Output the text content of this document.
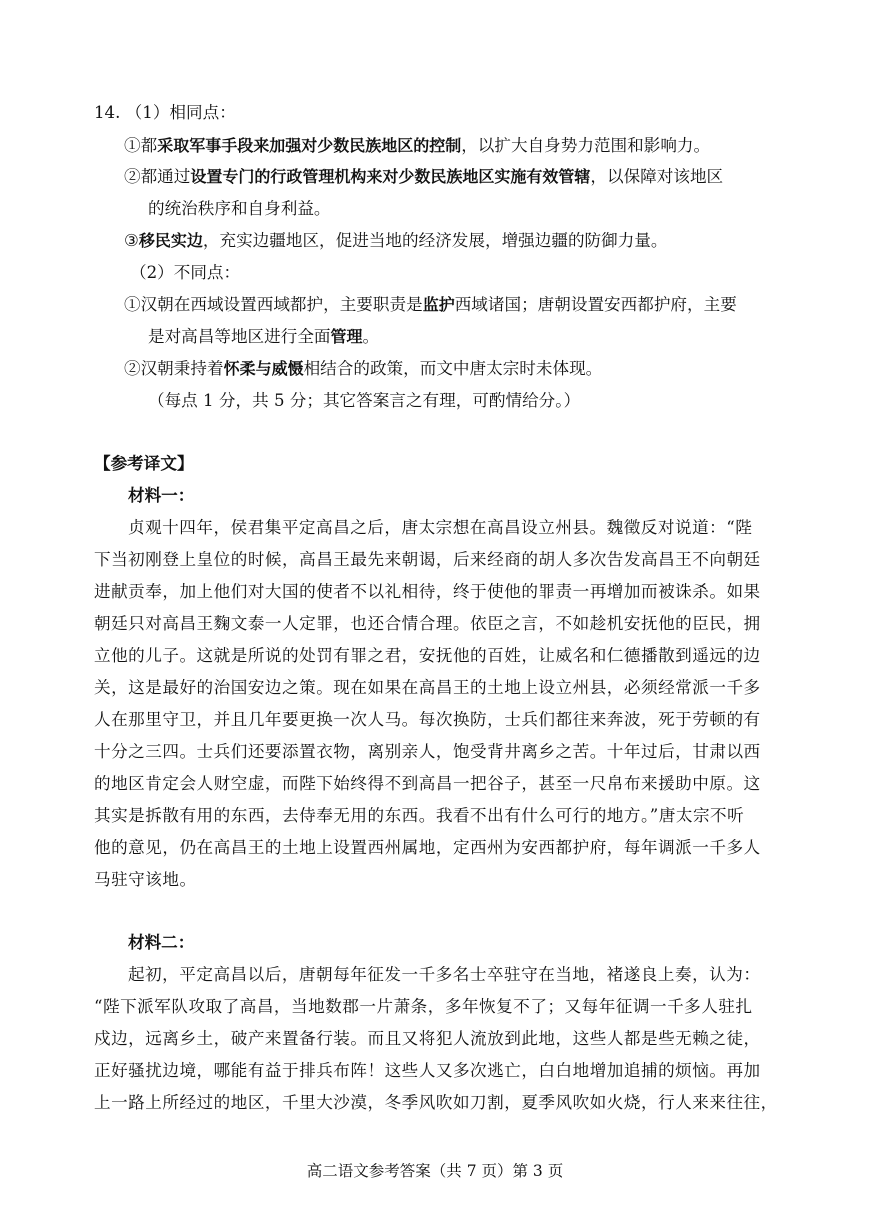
14. （1）相同点：
①都采取军事手段来加强对少数民族地区的控制，以扩大自身势力范围和影响力。
②都通过设置专门的行政管理机构来对少数民族地区实施有效管辖，以保障对该地区
的统治秩序和自身利益。
③移民实边，充实边疆地区，促进当地的经济发展，增强边疆的防御力量。
（2）不同点：
①汉朝在西域设置西域都护，主要职责是监护西域诸国；唐朝设置安西都护府，主要
是对高昌等地区进行全面管理。
②汉朝秉持着怀柔与威慑相结合的政策，而文中唐太宗时未体现。
（每点 1 分，共 5 分；其它答案言之有理，可酌情给分。）
【参考译文】
材料一：
贞观十四年，侯君集平定高昌之后，唐太宗想在高昌设立州县。魏徵反对说道：“陛
下当初刚登上皇位的时候，高昌王最先来朝谒，后来经商的胡人多次告发高昌王不向朝廷
进献贡奉，加上他们对大国的使者不以礼相待，终于使他的罪责一再增加而被诛杀。如果
朝廷只对高昌王麴文泰一人定罪，也还合情合理。依臣之言，不如趁机安抚他的臣民，拥
立他的儿子。这就是所说的处罚有罪之君，安抚他的百姓，让威名和仁德播散到遥远的边
关，这是最好的治国安边之策。现在如果在高昌王的土地上设立州县，必须经常派一千多
人在那里守卫，并且几年要更换一次人马。每次换防，士兵们都往来奔波，死于劳顿的有
十分之三四。士兵们还要添置衣物，离别亲人，饱受背井离乡之苦。十年过后，甘肃以西
的地区肯定会人财空虚，而陛下始终得不到高昌一把谷子，甚至一尺帛布来援助中原。这
其实是拆散有用的东西，去侍奉无用的东西。我看不出有什么可行的地方。”唐太宗不听
他的意见，仍在高昌王的土地上设置西州属地，定西州为安西都护府，每年调派一千多人
马驻守该地。
材料二：
起初，平定高昌以后，唐朝每年征发一千多名士卒驻守在当地，褚遂良上奏，认为：
“陛下派军队攻取了高昌，当地数郡一片萧条，多年恢复不了；又每年征调一千多人驻扎
戍边，远离乡土，破产来置备行装。而且又将犯人流放到此地，这些人都是些无赖之徒，
正好骚扰边境，哪能有益于排兵布阵！这些人又多次逃亡，白白地增加追捕的烦恼。再加
上一路上所经过的地区，千里大沙漠，冬季风吹如刀割，夏季风吹如火烧，行人来来往往，
高二语文参考答案（共 7 页）第 3 页
